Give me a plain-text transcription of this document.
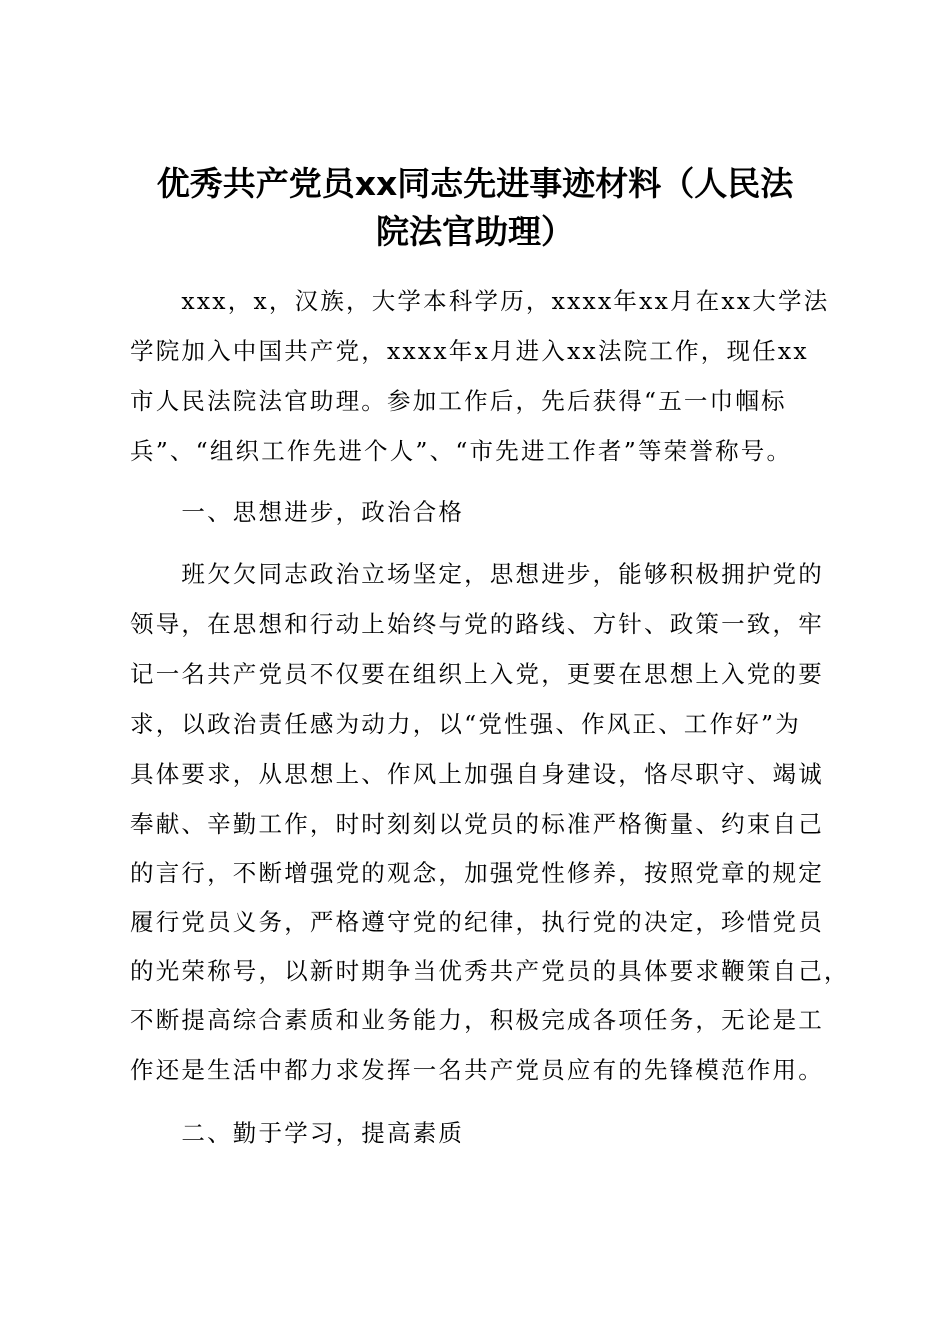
优秀共产党员xx同志先进事迹材料（人民法
院法官助理）

　　xxx，x，汉族，大学本科学历，xxxx年xx月在xx大学法

学院加入中国共产党，xxxx年x月进入xx法院工作，现任xx

市人民法院法官助理。参加工作后，先后获得“五一巾帼标

兵”、“组织工作先进个人”、“市先进工作者”等荣誉称号。

　　一、思想进步，政治合格

　　班欠欠同志政治立场坚定，思想进步，能够积极拥护党的

领导，在思想和行动上始终与党的路线、方针、政策一致，牢

记一名共产党员不仅要在组织上入党，更要在思想上入党的要

求，以政治责任感为动力，以“党性强、作风正、工作好”为

具体要求，从思想上、作风上加强自身建设，恪尽职守、竭诚

奉献、辛勤工作，时时刻刻以党员的标准严格衡量、约束自己

的言行，不断增强党的观念，加强党性修养，按照党章的规定

履行党员义务，严格遵守党的纪律，执行党的决定，珍惜党员

的光荣称号，以新时期争当优秀共产党员的具体要求鞭策自己，

不断提高综合素质和业务能力，积极完成各项任务，无论是工

作还是生活中都力求发挥一名共产党员应有的先锋模范作用。

　　二、勤于学习，提高素质
